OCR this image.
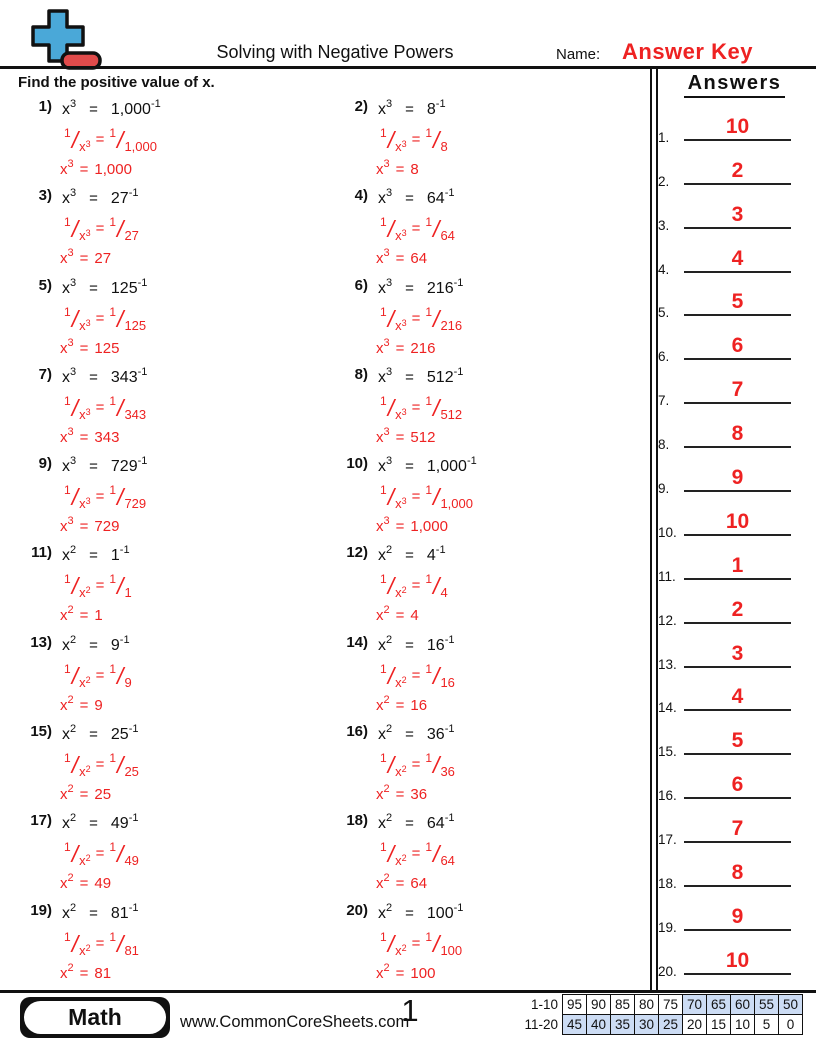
Solving with Negative Powers	Name: Answer Key
Find the positive value of x.
1) $x^3 = 1,000^{-1}$
$^1/x^3 = ^1/1,000$
$x^3 = 1,000$
2) $x^3 = 8^{-1}$
$^1/x^3 = ^1/8$
$x^3 = 8$
3) $x^3 = 27^{-1}$
$^1/x^3 = ^1/27$
$x^3 = 27$
4) $x^3 = 64^{-1}$
$^1/x^3 = ^1/64$
$x^3 = 64$
5) $x^3 = 125^{-1}$
$^1/x^3 = ^1/125$
$x^3 = 125$
6) $x^3 = 216^{-1}$
$^1/x^3 = ^1/216$
$x^3 = 216$
7) $x^3 = 343^{-1}$
$^1/x^3 = ^1/343$
$x^3 = 343$
8) $x^3 = 512^{-1}$
$^1/x^3 = ^1/512$
$x^3 = 512$
9) $x^3 = 729^{-1}$
$^1/x^3 = ^1/729$
$x^3 = 729$
10) $x^3 = 1,000^{-1}$
$^1/x^3 = ^1/1,000$
$x^3 = 1,000$
11) $x^2 = 1^{-1}$
$^1/x^2 = ^1/1$
$x^2 = 1$
12) $x^2 = 4^{-1}$
$^1/x^2 = ^1/4$
$x^2 = 4$
13) $x^2 = 9^{-1}$
$^1/x^2 = ^1/9$
$x^2 = 9$
14) $x^2 = 16^{-1}$
$^1/x^2 = ^1/16$
$x^2 = 16$
15) $x^2 = 25^{-1}$
$^1/x^2 = ^1/25$
$x^2 = 25$
16) $x^2 = 36^{-1}$
$^1/x^2 = ^1/36$
$x^2 = 36$
17) $x^2 = 49^{-1}$
$^1/x^2 = ^1/49$
$x^2 = 49$
18) $x^2 = 64^{-1}$
$^1/x^2 = ^1/64$
$x^2 = 64$
19) $x^2 = 81^{-1}$
$^1/x^2 = ^1/81$
$x^2 = 81$
20) $x^2 = 100^{-1}$
$^1/x^2 = ^1/100$
$x^2 = 100$
Answers
1.	10
2.	2
3.	3
4.	4
5.	5
6.	6
7.	7
8.	8
9.	9
10.	10
11.	1
12.	2
13.	3
14.	4
15.	5
16.	6
17.	7
18.	8
19.	9
20.	10
Math	www.CommonCoreSheets.com
1	1-10 95 90 85 80 75 70 65 60 55 50
11-20 45 40 35 30 25 20 15 10 5	0
